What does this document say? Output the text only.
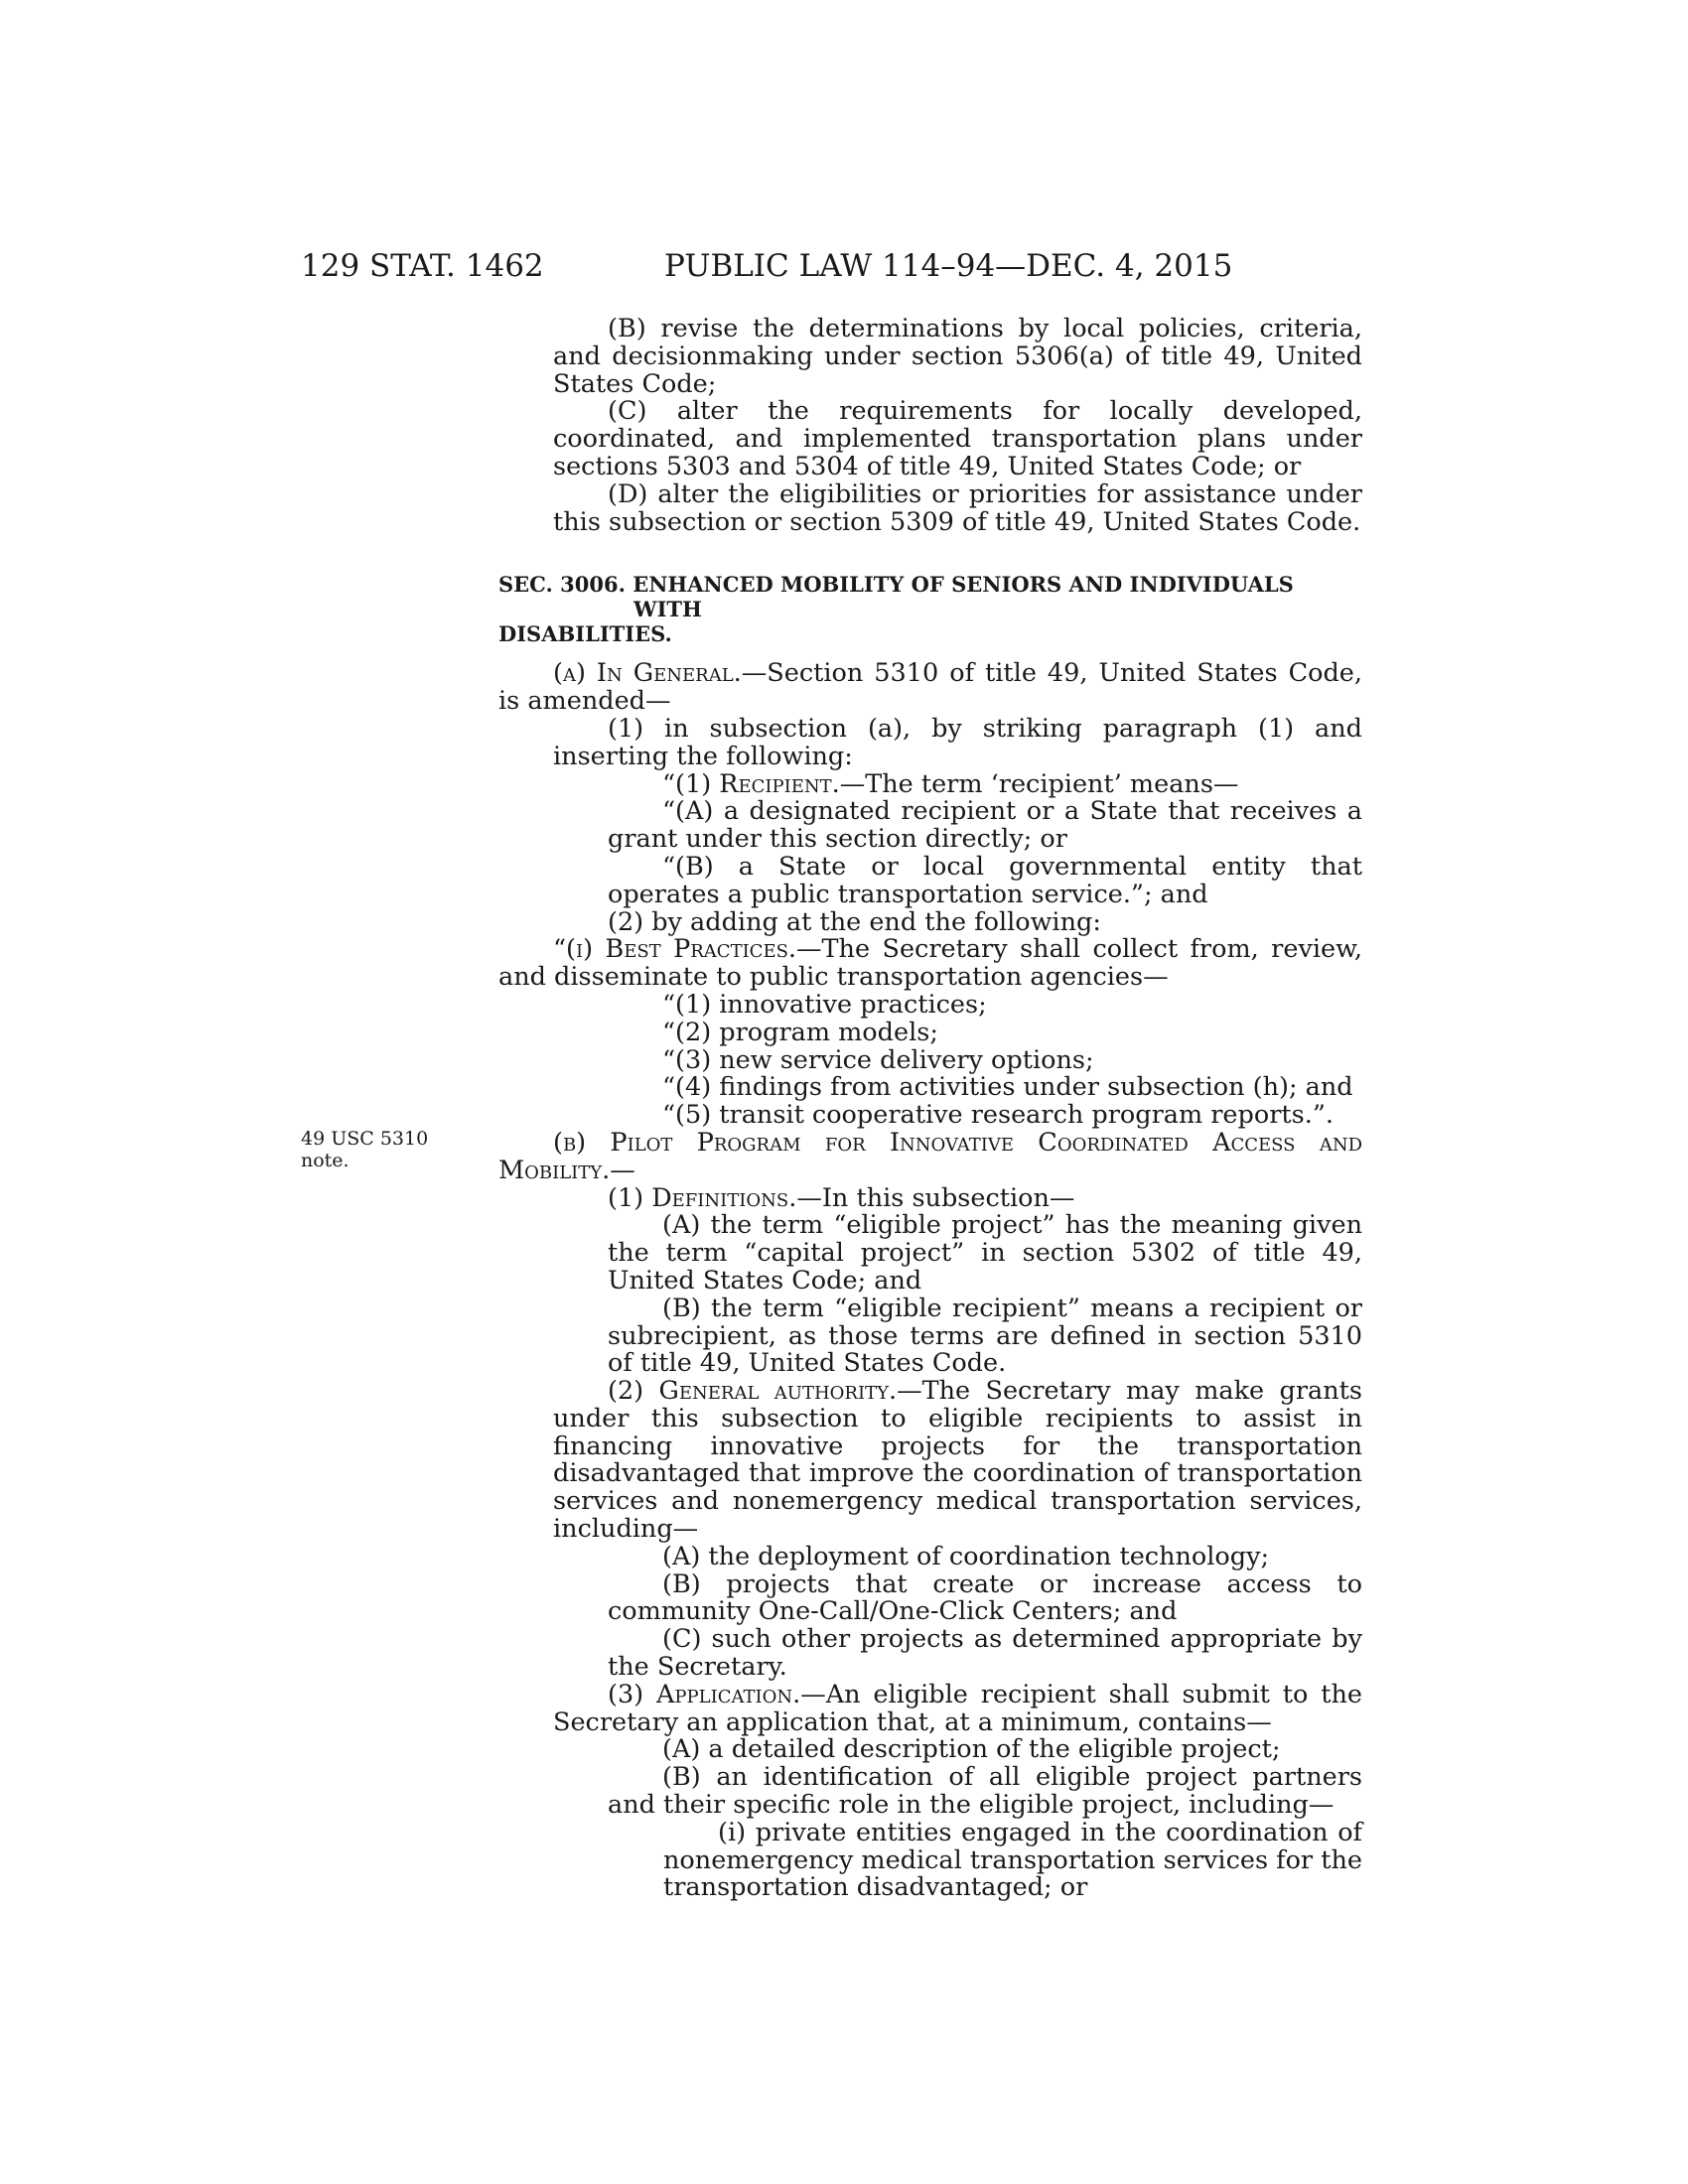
129 STAT. 1462	PUBLIC LAW 114–94—DEC. 4, 2015
49 USC 5310
note.

(B) revise the determinations by local policies, criteria, and decisionmaking under section 5306(a) of title 49, United States Code;

(C) alter the requirements for locally developed, coordinated, and implemented transportation plans under sections 5303 and 5304 of title 49, United States Code; or

(D) alter the eligibilities or priorities for assistance under this subsection or section 5309 of title 49, United States Code.

SEC. 3006. ENHANCED MOBILITY OF SENIORS AND INDIVIDUALS WITH
DISABILITIES.

(a) In General.—Section 5310 of title 49, United States Code, is amended—

(1) in subsection (a), by striking paragraph (1) and inserting the following:

“(1) Recipient.—The term ‘recipient’ means—

“(A) a designated recipient or a State that receives a grant under this section directly; or

“(B) a State or local governmental entity that operates a public transportation service.”; and

(2) by adding at the end the following:

“(i) Best Practices.—The Secretary shall collect from, review, and disseminate to public transportation agencies—

“(1) innovative practices;

“(2) program models;

“(3) new service delivery options;

“(4) findings from activities under subsection (h); and

“(5) transit cooperative research program reports.”.

(b) Pilot Program for Innovative Coordinated Access and Mobility.—

(1) Definitions.—In this subsection—

(A) the term “eligible project” has the meaning given the term “capital project” in section 5302 of title 49, United States Code; and

(B) the term “eligible recipient” means a recipient or subrecipient, as those terms are defined in section 5310 of title 49, United States Code.

(2) General authority.—The Secretary may make grants under this subsection to eligible recipients to assist in financing innovative projects for the transportation disadvantaged that improve the coordination of transportation services and nonemergency medical transportation services, including—

(A) the deployment of coordination technology;

(B) projects that create or increase access to community One-Call/One-Click Centers; and

(C) such other projects as determined appropriate by the Secretary.

(3) Application.—An eligible recipient shall submit to the Secretary an application that, at a minimum, contains—

(A) a detailed description of the eligible project;

(B) an identification of all eligible project partners and their specific role in the eligible project, including—

(i) private entities engaged in the coordination of nonemergency medical transportation services for the transportation disadvantaged; or
